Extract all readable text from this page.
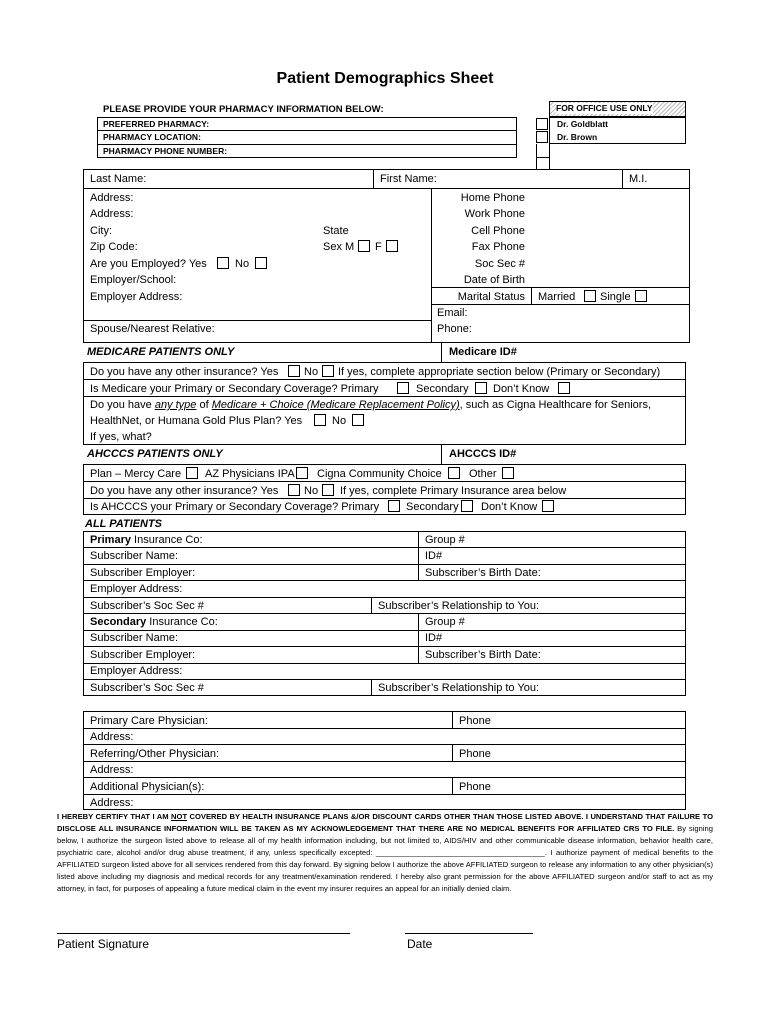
Patient Demographics Sheet
PLEASE PROVIDE YOUR PHARMACY INFORMATION BELOW:
PREFERRED PHARMACY:
PHARMACY LOCATION:
PHARMACY PHONE NUMBER:
FOR OFFICE USE ONLY
Dr. Goldblatt
Dr. Brown
Last Name:	First Name:	M.I.
Address:
Address:
City:	State
Zip Code:	Sex M F
Are you Employed? Yes	No
Employer/School:
Employer Address:
Spouse/Nearest Relative:
Home Phone
Work Phone
Cell Phone
Fax Phone
Soc Sec #
Date of Birth
Marital Status Married Single
Email:
Phone:
MEDICARE PATIENTS ONLY	Medicare ID#
Do you have any other insurance? Yes No If yes, complete appropriate section below (Primary or Secondary)
Is Medicare your Primary or Secondary Coverage? Primary	Secondary Don’t Know
Do you have any type of Medicare + Choice (Medicare Replacement Policy), such as Cigna Healthcare for Seniors,
HealthNet, or Humana Gold Plus Plan? Yes	No
If yes, what?
AHCCCS PATIENTS ONLY	AHCCCS ID#
Plan – Mercy Care AZ Physicians IPA Cigna Community Choice Other
Do you have any other insurance? Yes No If yes, complete Primary Insurance area below
Is AHCCCS your Primary or Secondary Coverage? Primary Secondary Don’t Know
ALL PATIENTS
Primary Insurance Co:	Group #
Subscriber Name:	ID#
Subscriber Employer:	Subscriber’s Birth Date:
Employer Address:
Subscriber’s Soc Sec #	Subscriber’s Relationship to You:
Secondary Insurance Co:	Group #
Subscriber Name:	ID#
Subscriber Employer:	Subscriber’s Birth Date:
Employer Address:
Subscriber’s Soc Sec #	Subscriber’s Relationship to You:
Primary Care Physician:	Phone
Address:
Referring/Other Physician:	Phone
Address:
Additional Physician(s):	Phone
Address:

I HEREBY CERTIFY THAT I AM NOT COVERED BY HEALTH INSURANCE PLANS &/OR DISCOUNT CARDS OTHER THAN THOSE LISTED ABOVE. I UNDERSTAND THAT FAILURE TO DISCLOSE ALL INSURANCE INFORMATION WILL BE TAKEN AS MY ACKNOWLEDGEMENT THAT THERE ARE NO MEDICAL BENEFITS FOR AFFILIATED CRS TO FILE. By signing below, I authorize the surgeon listed above to release all of my health information including, but not limited to, AIDS/HIV and other communicable disease information, behavior health care, psychiatric care, alcohol and/or drug abuse treatment, if any, unless specifically excepted: ________________________________________. I authorize payment of medical benefits to the AFFILIATED surgeon listed above for all services rendered from this day forward. By signing below I authorize the above AFFILIATED surgeon to release any information to any other physician(s) listed above including my diagnosis and medical records for any treatment/examination rendered. I hereby also grant permission for the above AFFILIATED surgeon and/or staff to act as my attorney, in fact, for purposes of appealing a future medical claim in the event my insurer requires an appeal for an initially denied claim.

Patient Signature	Date
